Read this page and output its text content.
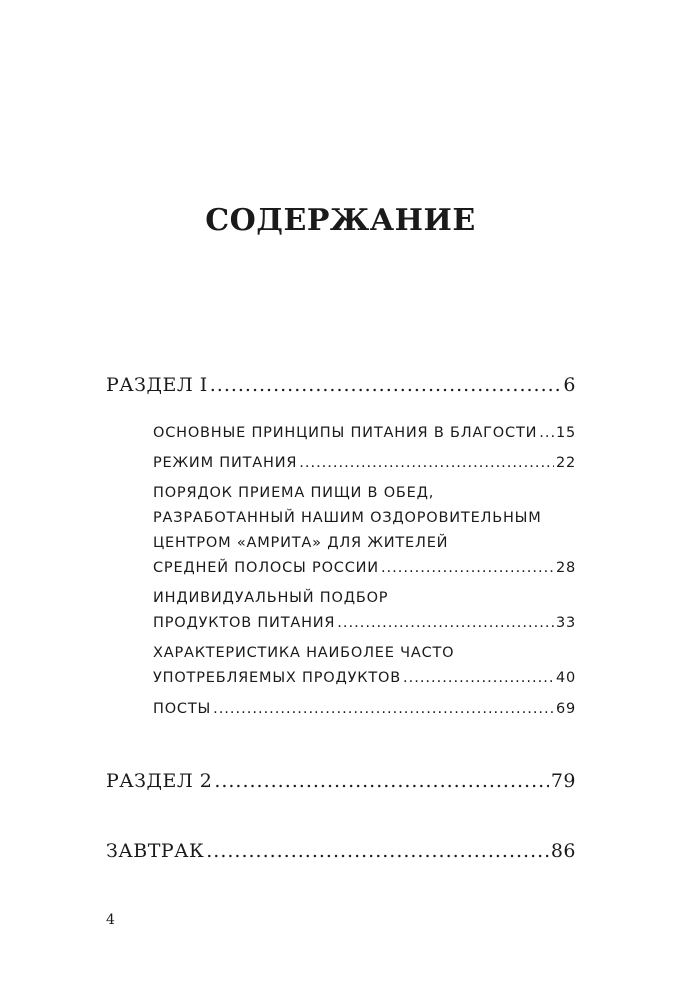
СОДЕРЖАНИЕ
РАЗДЕЛ I .....	6
ОСНОВНЫЕ ПРИНЦИПЫ ПИТАНИЯ В БЛАГОСТИ ..... 15
РЕЖИМ ПИТАНИЯ .....	22
ПОРЯДОК ПРИЕМА ПИЩИ В ОБЕД,
РАЗРАБОТАННЫЙ НАШИМ ОЗДОРОВИТЕЛЬНЫМ
ЦЕНТРОМ «АМРИТА» ДЛЯ ЖИТЕЛЕЙ
СРЕДНЕЙ ПОЛОСЫ РОССИИ .....	28
ИНДИВИДУАЛЬНЫЙ ПОДБОР
ПРОДУКТОВ ПИТАНИЯ .....	33
ХАРАКТЕРИСТИКА НАИБОЛЕЕ ЧАСТО
УПОТРЕБЛЯЕМЫХ ПРОДУКТОВ .....	40
ПОСТЫ .....	69
РАЗДЕЛ 2 .....	79
ЗАВТРАК .....	86
4
